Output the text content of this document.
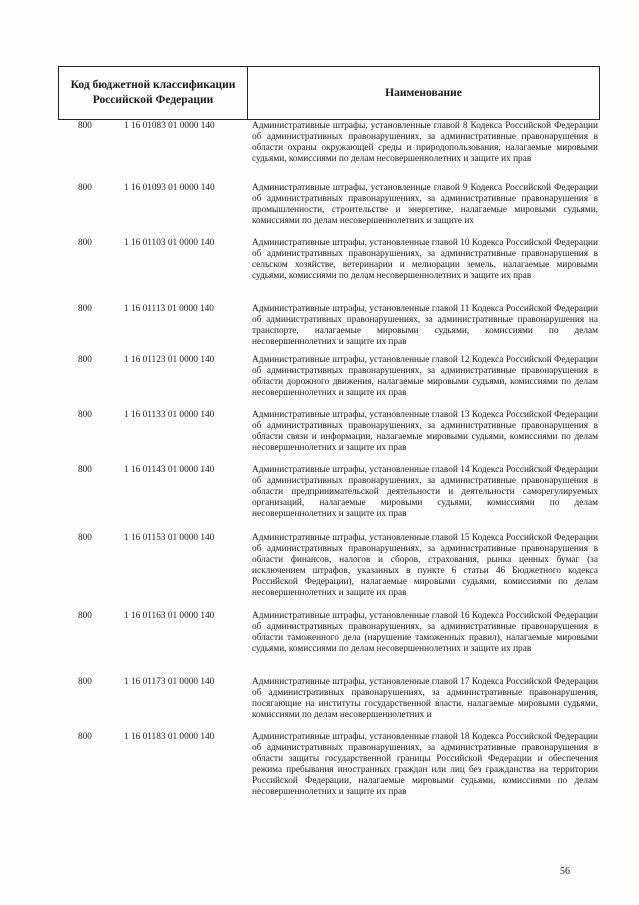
Код бюджетной классификации
Российской Федерации
Наименование
800	1 16 01083 01 0000 140	Административные штрафы, установленные главой 8 Кодекса Российской Федерации об административных правонарушениях, за административные правонарушения в области охраны окружающей среды и природопользования, налагаемые мировыми судьями, комиссиями по делам несовершеннолетних и защите их прав
800	1 16 01093 01 0000 140	Административные штрафы, установленные главой 9 Кодекса Российской Федерации об административных правонарушениях, за административные правонарушения в промышленности, строительстве и энергетике, налагаемые мировыми судьями, комиссиями по делам несовершеннолетних и защите их
800	1 16 01103 01 0000 140	Административные штрафы, установленные главой 10 Кодекса Российской Федерации об административных правонарушениях, за административные правонарушения в сельском хозяйстве, ветеринарии и мелиорации земель, налагаемые мировыми судьями, комиссиями по делам несовершеннолетних и защите их прав
800	1 16 01113 01 0000 140	Административные штрафы, установленные главой 11 Кодекса Российской Федерации об административных правонарушениях, за административные правонарушения на транспорте, налагаемые мировыми судьями, комиссиями по делам несовершеннолетних и защите их прав
800	1 16 01123 01 0000 140	Административные штрафы, установленные главой 12 Кодекса Российской Федерации об административных правонарушениях, за административные правонарушения в области дорожного движения, налагаемые мировыми судьями, комиссиями по делам несовершеннолетних и защите их прав
800	1 16 01133 01 0000 140	Административные штрафы, установленные главой 13 Кодекса Российской Федерации об административных правонарушениях, за административные правонарушения в области связи и информации, налагаемые мировыми судьями, комиссиями по делам несовершеннолетних и защите их прав
800	1 16 01143 01 0000 140	Административные штрафы, установленные главой 14 Кодекса Российской Федерации об административных правонарушениях, за административные правонарушения в области предпринимательской деятельности и деятельности саморегулируемых организаций, налагаемые мировыми судьями, комиссиями по делам несовершеннолетних и защите их прав
800	1 16 01153 01 0000 140	Административные штрафы, установленные главой 15 Кодекса Российской Федерации об административных правонарушениях, за административные правонарушения в области финансов, налогов и сборов, страхования, рынка ценных бумаг (за исключением штрафов, указанных в пункте 6 статьи 46 Бюджетного кодекса Российской Федерации), налагаемые мировыми судьями, комиссиями по делам несовершеннолетних и защите их прав
800	1 16 01163 01 0000 140	Административные штрафы, установленные главой 16 Кодекса Российской Федерации об административных правонарушениях, за административные правонарушения в области таможенного дела (нарушение таможенных правил), налагаемые мировыми судьями, комиссиями по делам несовершеннолетних и защите их прав
800	1 16 01173 01 0000 140	Административные штрафы, установленные главой 17 Кодекса Российской Федерации об административных правонарушениях, за административные правонарушения, посягающие на институты государственной власти, налагаемые мировыми судьями, комиссиями по делам несовершеннолетних и
800	1 16 01183 01 0000 140	Административные штрафы, установленные главой 18 Кодекса Российской Федерации об административных правонарушениях, за административные правонарушения в области защиты государственной границы Российской Федерации и обеспечения режима пребывания иностранных граждан или лиц без гражданства на территории Российской Федерации, налагаемые мировыми судьями, комиссиями по делам несовершеннолетних и защите их прав
56
